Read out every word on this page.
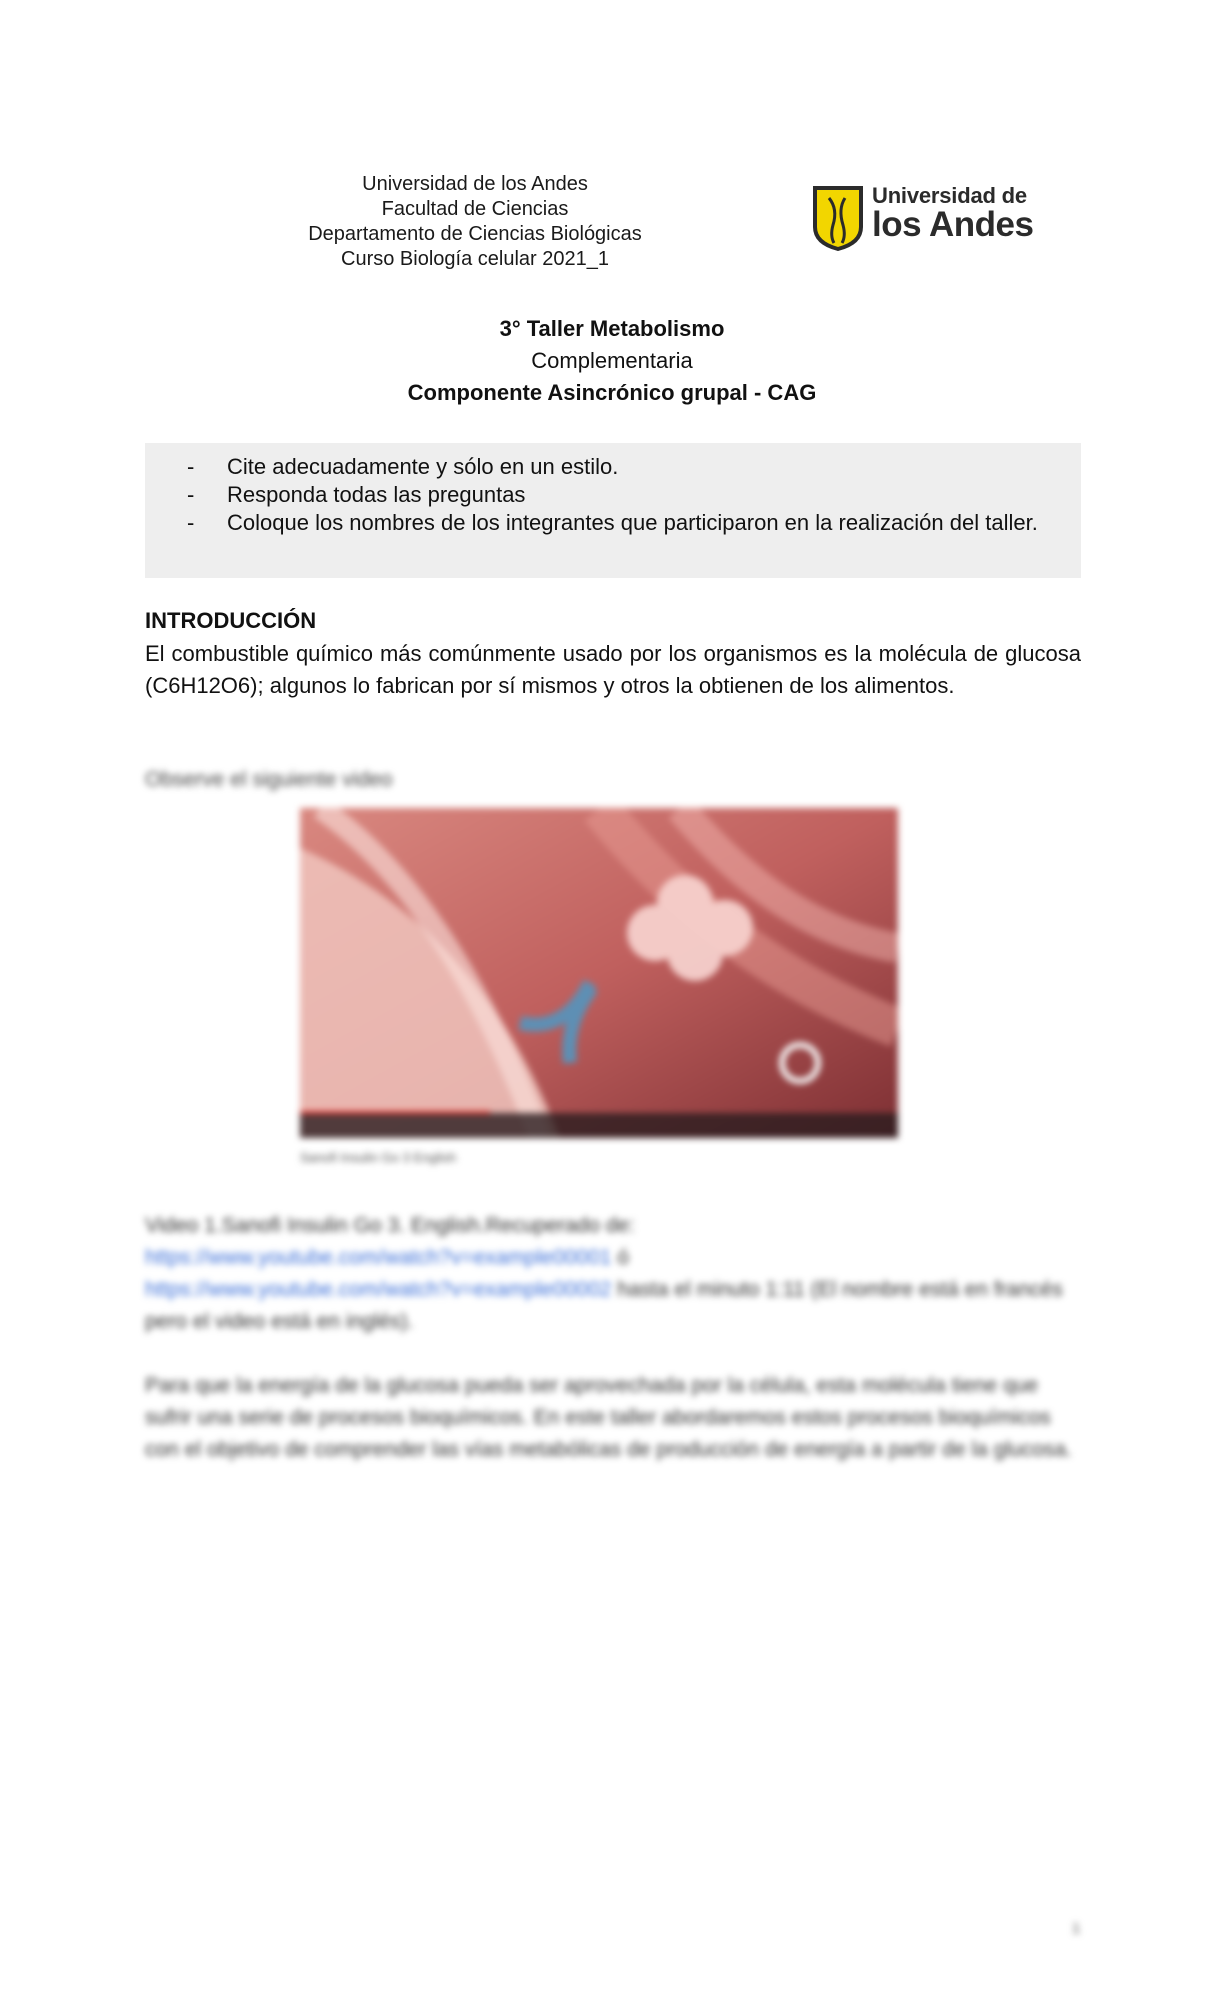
Universidad de los Andes
Facultad de Ciencias
Departamento de Ciencias Biológicas
Curso Biología celular 2021_1
Universidad de
los Andes
3° Taller Metabolismo
Complementaria
Componente Asincrónico grupal - CAG
- Cite adecuadamente y sólo en un estilo.
- Responda todas las preguntas
- Coloque los nombres de los integrantes que participaron en la realización del taller.
INTRODUCCIÓN
El combustible químico más comúnmente usado por los organismos es la molécula de glucosa (C6H12O6); algunos lo fabrican por sí mismos y otros la obtienen de los alimentos.
Observe el siguiente video
Sanofi Insulin Go 3 English
Video 1.Sanofi Insulin Go 3. English.Recuperado de:
https://www.youtube.com/watch?v=example00001 ó
https://www.youtube.com/watch?v=example00002 hasta el minuto 1:11 (El nombre está en francés pero el video está en inglés).
Para que la energía de la glucosa pueda ser aprovechada por la célula, esta molécula tiene que sufrir una serie de procesos bioquímicos. En este taller abordaremos estos procesos bioquímicos con el objetivo de comprender las vías metabólicas de producción de energía a partir de la glucosa.
1
